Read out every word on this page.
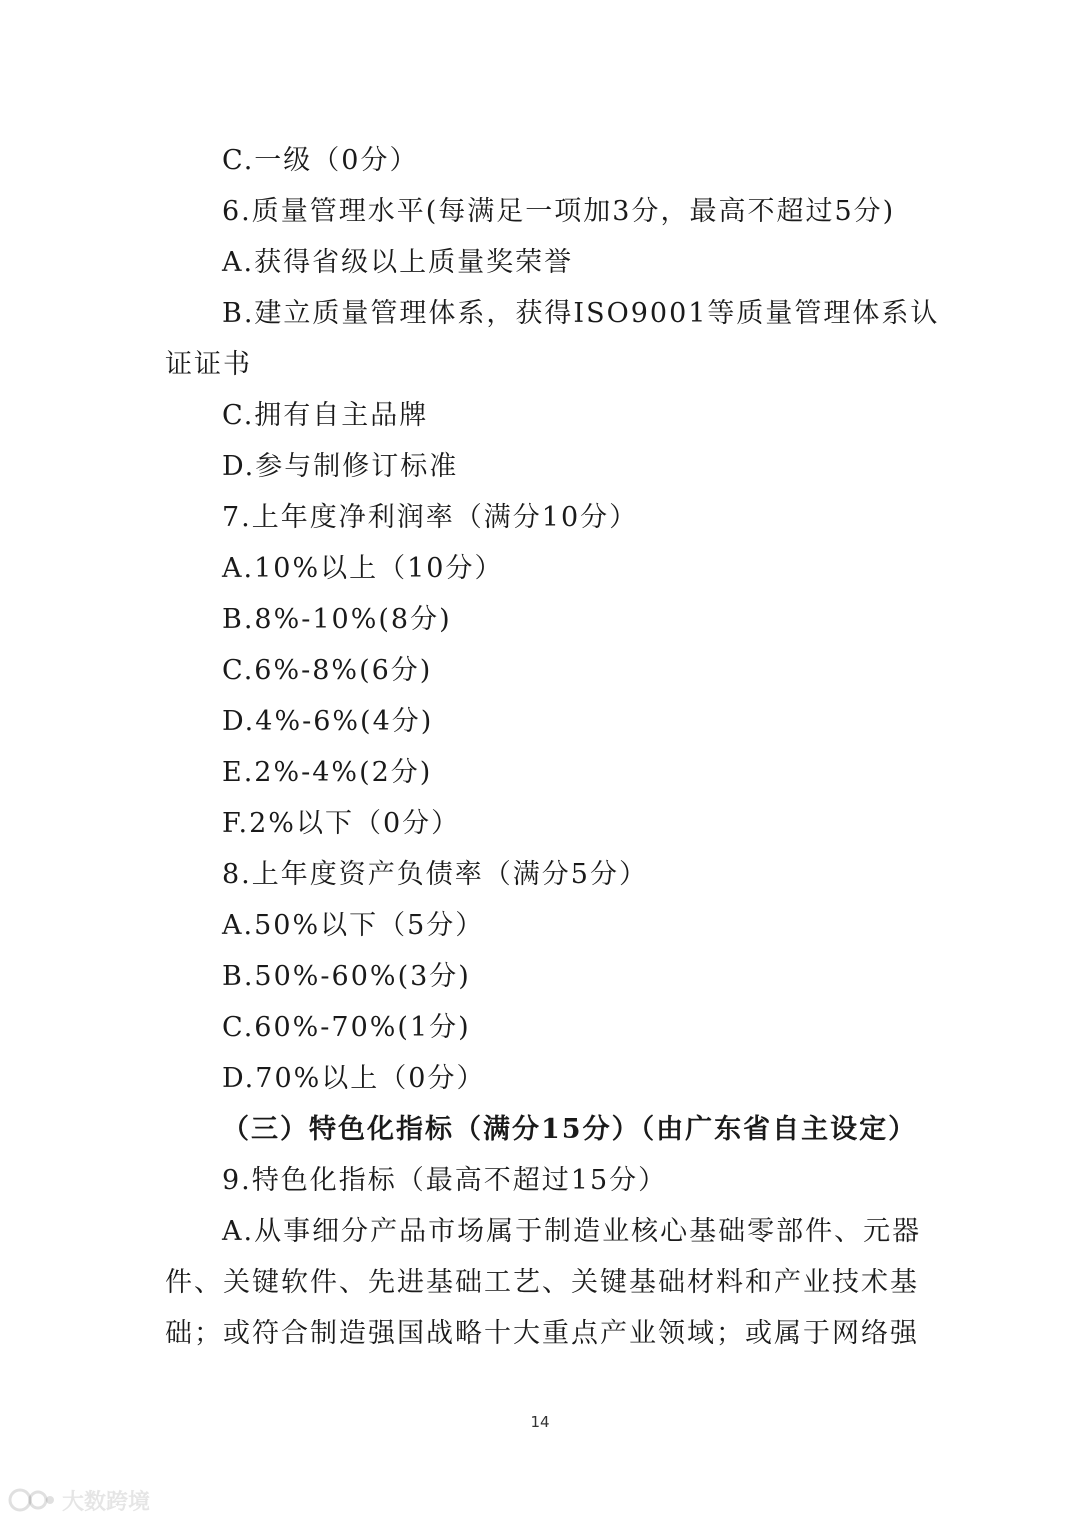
C.一级（0分）
6.质量管理水平(每满足一项加3分，最高不超过5分)
A.获得省级以上质量奖荣誉
B.建立质量管理体系，获得ISO9001等质量管理体系认
证证书
C.拥有自主品牌
D.参与制修订标准
7.上年度净利润率（满分10分）
A.10%以上（10分）
B.8%-10%(8分)
C.6%-8%(6分)
D.4%-6%(4分)
E.2%-4%(2分)
F.2%以下（0分）
8.上年度资产负债率（满分5分）
A.50%以下（5分）
B.50%-60%(3分)
C.60%-70%(1分)
D.70%以上（0分）
（三）特色化指标（满分15分）（由广东省自主设定）
9.特色化指标（最高不超过15分）
A.从事细分产品市场属于制造业核心基础零部件、元器
件、关键软件、先进基础工艺、关键基础材料和产业技术基
础；或符合制造强国战略十大重点产业领域；或属于网络强
14
大数跨境
